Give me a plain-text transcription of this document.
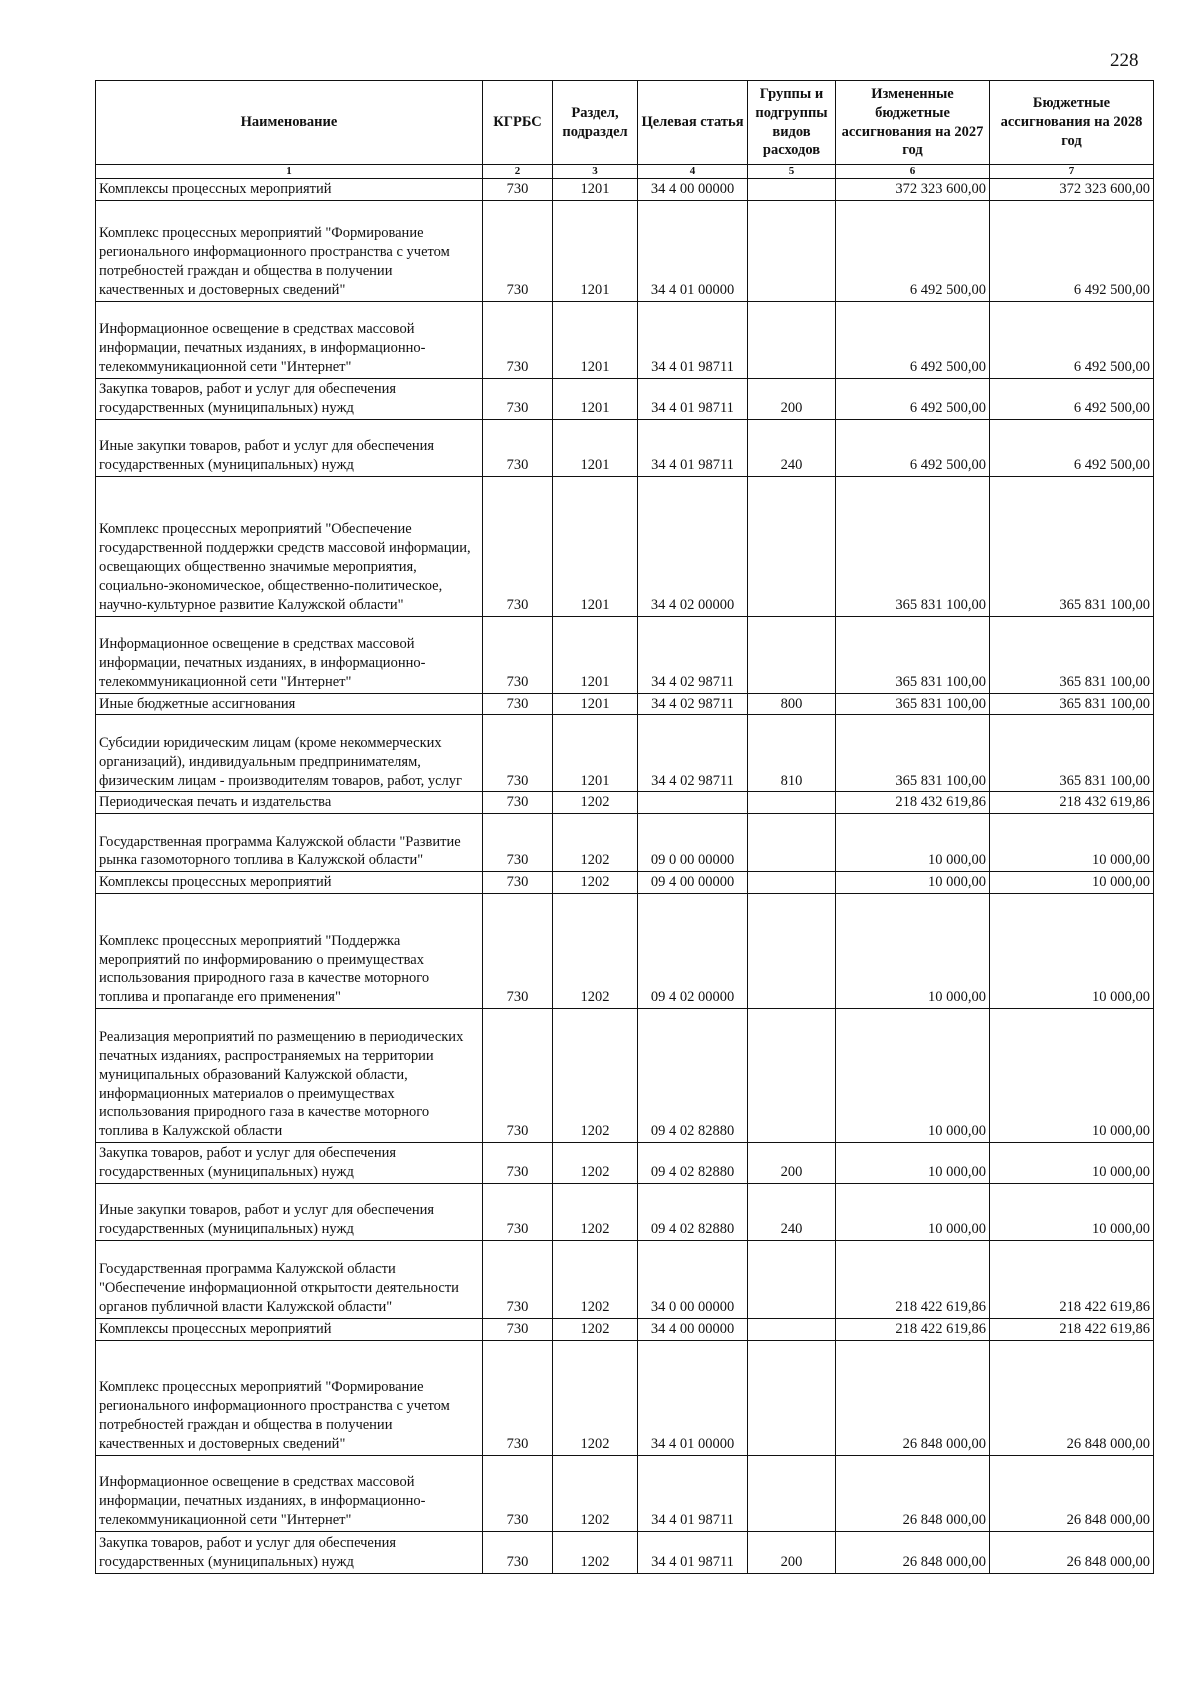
228
Наименование	КГРБС	Раздел, подраздел	Целевая статья	Группы и подгруппы видов расходов	Измененные бюджетные ассигнования на 2027 год	Бюджетные ассигнования на 2028 год
1	2	3	4	5	6	7
Комплексы процессных мероприятий	730	1201	34 4 00 00000		372 323 600,00	372 323 600,00
Комплекс процессных мероприятий "Формирование регионального информационного пространства с учетом потребностей граждан и общества в получении качественных и достоверных сведений"	730	1201	34 4 01 00000		6 492 500,00	6 492 500,00
Информационное освещение в средствах массовой информации, печатных изданиях, в информационно-телекоммуникационной сети "Интернет"	730	1201	34 4 01 98711		6 492 500,00	6 492 500,00
Закупка товаров, работ и услуг для обеспечения государственных (муниципальных) нужд	730	1201	34 4 01 98711	200	6 492 500,00	6 492 500,00
Иные закупки товаров, работ и услуг для обеспечения государственных (муниципальных) нужд	730	1201	34 4 01 98711	240	6 492 500,00	6 492 500,00
Комплекс процессных мероприятий "Обеспечение государственной поддержки средств массовой информации, освещающих общественно значимые мероприятия, социально-экономическое, общественно-политическое, научно-культурное развитие Калужской области"	730	1201	34 4 02 00000		365 831 100,00	365 831 100,00
Информационное освещение в средствах массовой информации, печатных изданиях, в информационно-телекоммуникационной сети "Интернет"	730	1201	34 4 02 98711		365 831 100,00	365 831 100,00
Иные бюджетные ассигнования	730	1201	34 4 02 98711	800	365 831 100,00	365 831 100,00
Субсидии юридическим лицам (кроме некоммерческих организаций), индивидуальным предпринимателям, физическим лицам - производителям товаров, работ, услуг	730	1201	34 4 02 98711	810	365 831 100,00	365 831 100,00
Периодическая печать и издательства	730	1202			218 432 619,86	218 432 619,86
Государственная программа Калужской области "Развитие рынка газомоторного топлива в Калужской области"	730	1202	09 0 00 00000		10 000,00	10 000,00
Комплексы процессных мероприятий	730	1202	09 4 00 00000		10 000,00	10 000,00
Комплекс процессных мероприятий "Поддержка мероприятий по информированию о преимуществах использования природного газа в качестве моторного топлива и пропаганде его применения"	730	1202	09 4 02 00000		10 000,00	10 000,00
Реализация мероприятий по размещению в периодических печатных изданиях, распространяемых на территории муниципальных образований Калужской области, информационных материалов о преимуществах использования природного газа в качестве моторного топлива в Калужской области	730	1202	09 4 02 82880		10 000,00	10 000,00
Закупка товаров, работ и услуг для обеспечения государственных (муниципальных) нужд	730	1202	09 4 02 82880	200	10 000,00	10 000,00
Иные закупки товаров, работ и услуг для обеспечения государственных (муниципальных) нужд	730	1202	09 4 02 82880	240	10 000,00	10 000,00
Государственная программа Калужской области "Обеспечение информационной открытости деятельности органов публичной власти Калужской области"	730	1202	34 0 00 00000		218 422 619,86	218 422 619,86
Комплексы процессных мероприятий	730	1202	34 4 00 00000		218 422 619,86	218 422 619,86
Комплекс процессных мероприятий "Формирование регионального информационного пространства с учетом потребностей граждан и общества в получении качественных и достоверных сведений"	730	1202	34 4 01 00000		26 848 000,00	26 848 000,00
Информационное освещение в средствах массовой информации, печатных изданиях, в информационно-телекоммуникационной сети "Интернет"	730	1202	34 4 01 98711		26 848 000,00	26 848 000,00
Закупка товаров, работ и услуг для обеспечения государственных (муниципальных) нужд	730	1202	34 4 01 98711	200	26 848 000,00	26 848 000,00
